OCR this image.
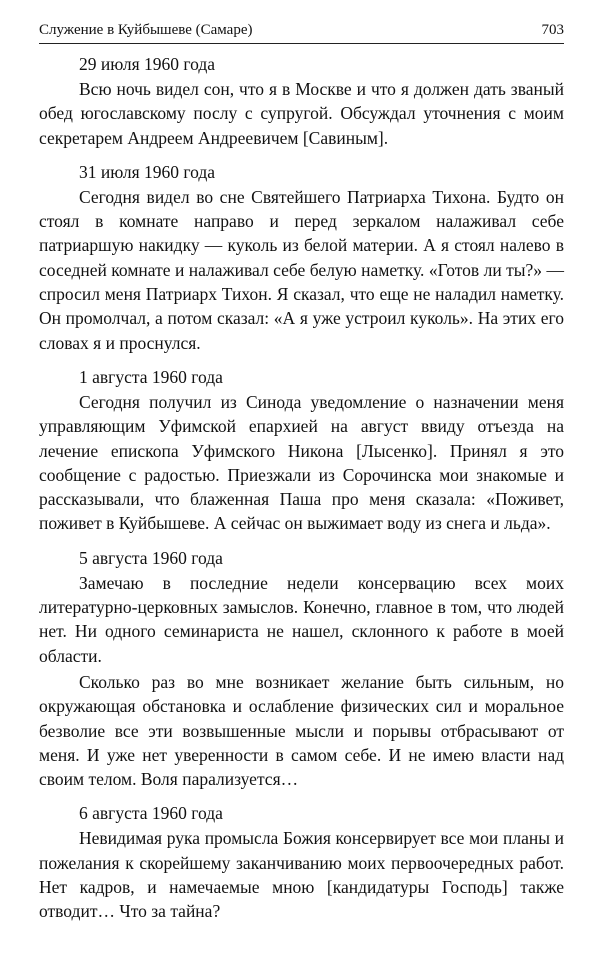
Служение в Куйбышеве (Самаре)	703

29 июля 1960 года

Всю ночь видел сон, что я в Москве и что я должен дать званый обед югославскому послу с супругой. Обсуждал уточнения с моим секретарем Андреем Андреевичем [Савиным].

31 июля 1960 года

Сегодня видел во сне Святейшего Патриарха Тихона. Будто он стоял в комнате направо и перед зеркалом налаживал себе патриаршую накидку — куколь из белой материи. А я стоял налево в соседней комнате и налаживал себе белую наметку. «Готов ли ты?» — спросил меня Патриарх Тихон. Я сказал, что еще не наладил наметку. Он промолчал, а потом сказал: «А я уже устроил куколь». На этих его словах я и проснулся.

1 августа 1960 года

Сегодня получил из Синода уведомление о назначении меня управляющим Уфимской епархией на август ввиду отъезда на лечение епископа Уфимского Никона [Лысенко]. Принял я это сообщение с радостью. Приезжали из Сорочинска мои знакомые и рассказывали, что блаженная Паша про меня сказала: «Поживет, поживет в Куйбышеве. А сейчас он выжимает воду из снега и льда».

5 августа 1960 года

Замечаю в последние недели консервацию всех моих литературно-церковных замыслов. Конечно, главное в том, что людей нет. Ни одного семинариста не нашел, склонного к работе в моей области.

Сколько раз во мне возникает желание быть сильным, но окружающая обстановка и ослабление физических сил и моральное безволие все эти возвышенные мысли и порывы отбрасывают от меня. И уже нет уверенности в самом себе. И не имею власти над своим телом. Воля парализуется…

6 августа 1960 года

Невидимая рука промысла Божия консервирует все мои планы и пожелания к скорейшему заканчиванию моих первоочередных работ. Нет кадров, и намечаемые мною [кандидатуры Господь] также отводит… Что за тайна?
